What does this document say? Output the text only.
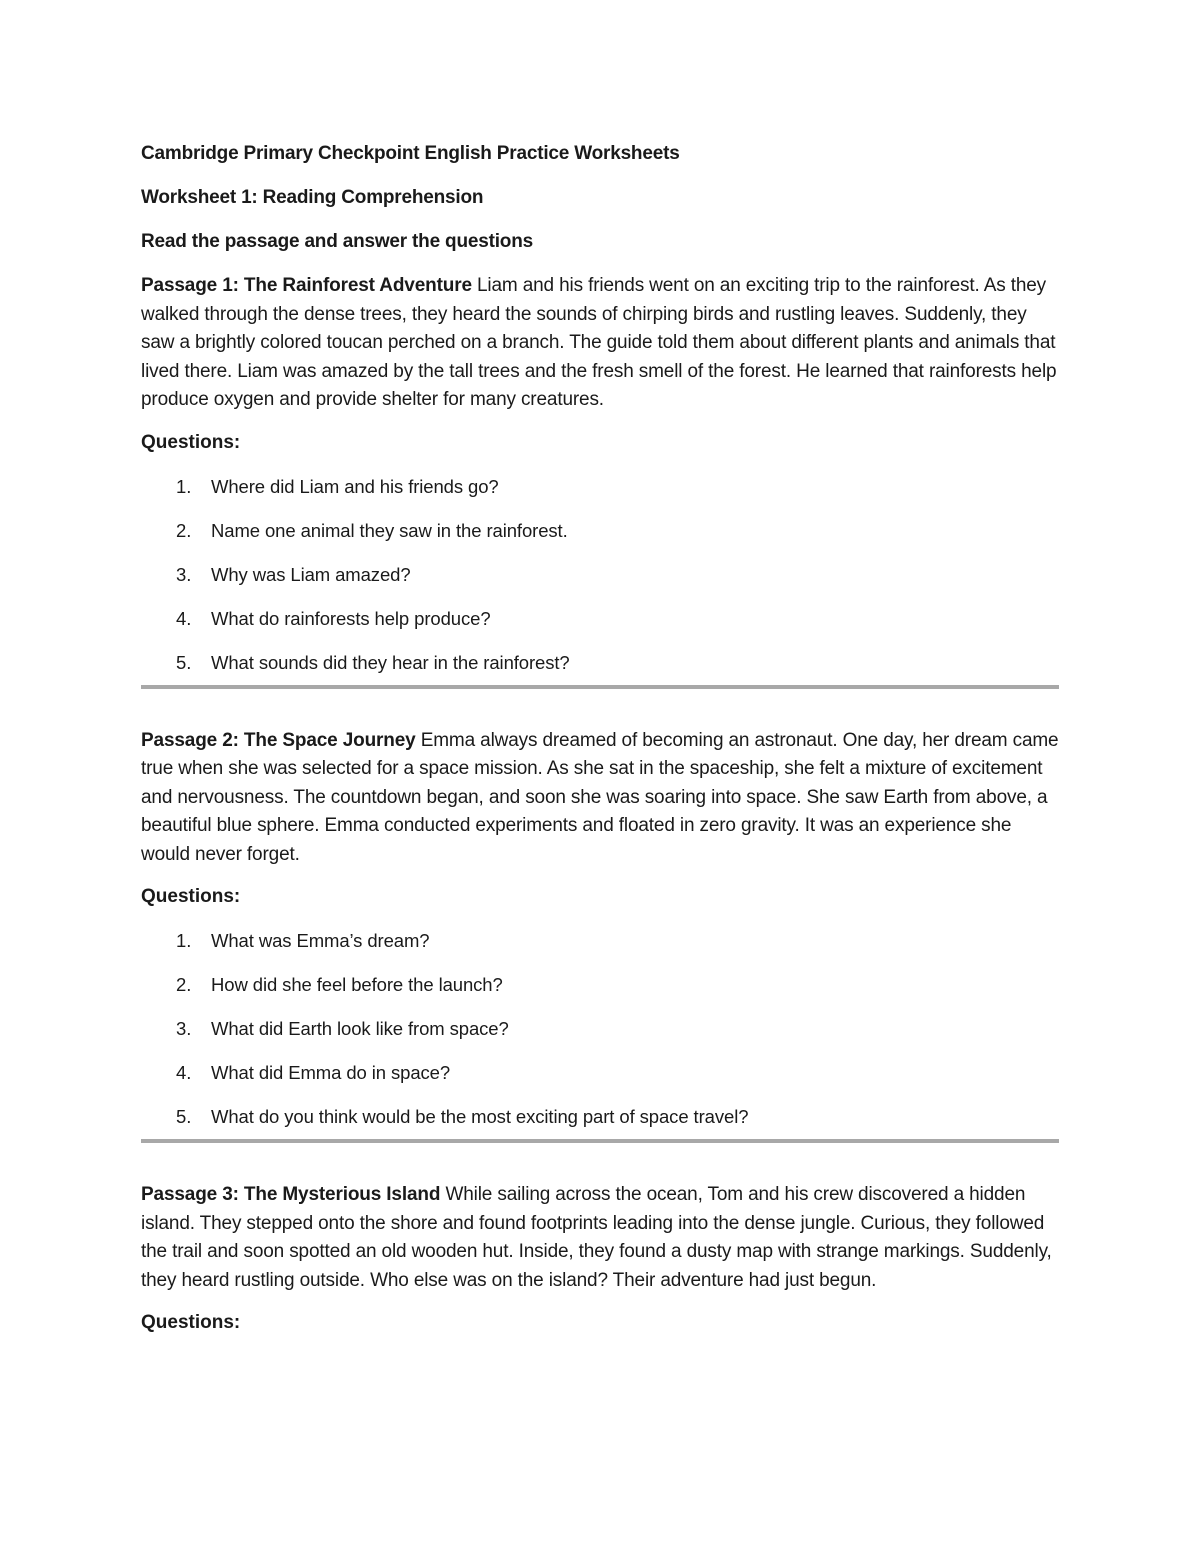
Cambridge Primary Checkpoint English Practice Worksheets
Worksheet 1: Reading Comprehension
Read the passage and answer the questions

Passage 1: The Rainforest Adventure Liam and his friends went on an exciting trip to the rainforest. As they walked through the dense trees, they heard the sounds of chirping birds and rustling leaves. Suddenly, they saw a brightly colored toucan perched on a branch. The guide told them about different plants and animals that lived there. Liam was amazed by the tall trees and the fresh smell of the forest. He learned that rainforests help produce oxygen and provide shelter for many creatures.

Questions:
1.	Where did Liam and his friends go?
2.	Name one animal they saw in the rainforest.
3.	Why was Liam amazed?
4.	What do rainforests help produce?
5.	What sounds did they hear in the rainforest?

Passage 2: The Space Journey Emma always dreamed of becoming an astronaut. One day, her dream came true when she was selected for a space mission. As she sat in the spaceship, she felt a mixture of excitement and nervousness. The countdown began, and soon she was soaring into space. She saw Earth from above, a beautiful blue sphere. Emma conducted experiments and floated in zero gravity. It was an experience she would never forget.

Questions:
1.	What was Emma’s dream?
2.	How did she feel before the launch?
3.	What did Earth look like from space?
4.	What did Emma do in space?
5.	What do you think would be the most exciting part of space travel?

Passage 3: The Mysterious Island While sailing across the ocean, Tom and his crew discovered a hidden island. They stepped onto the shore and found footprints leading into the dense jungle. Curious, they followed the trail and soon spotted an old wooden hut. Inside, they found a dusty map with strange markings. Suddenly, they heard rustling outside. Who else was on the island? Their adventure had just begun.

Questions:
